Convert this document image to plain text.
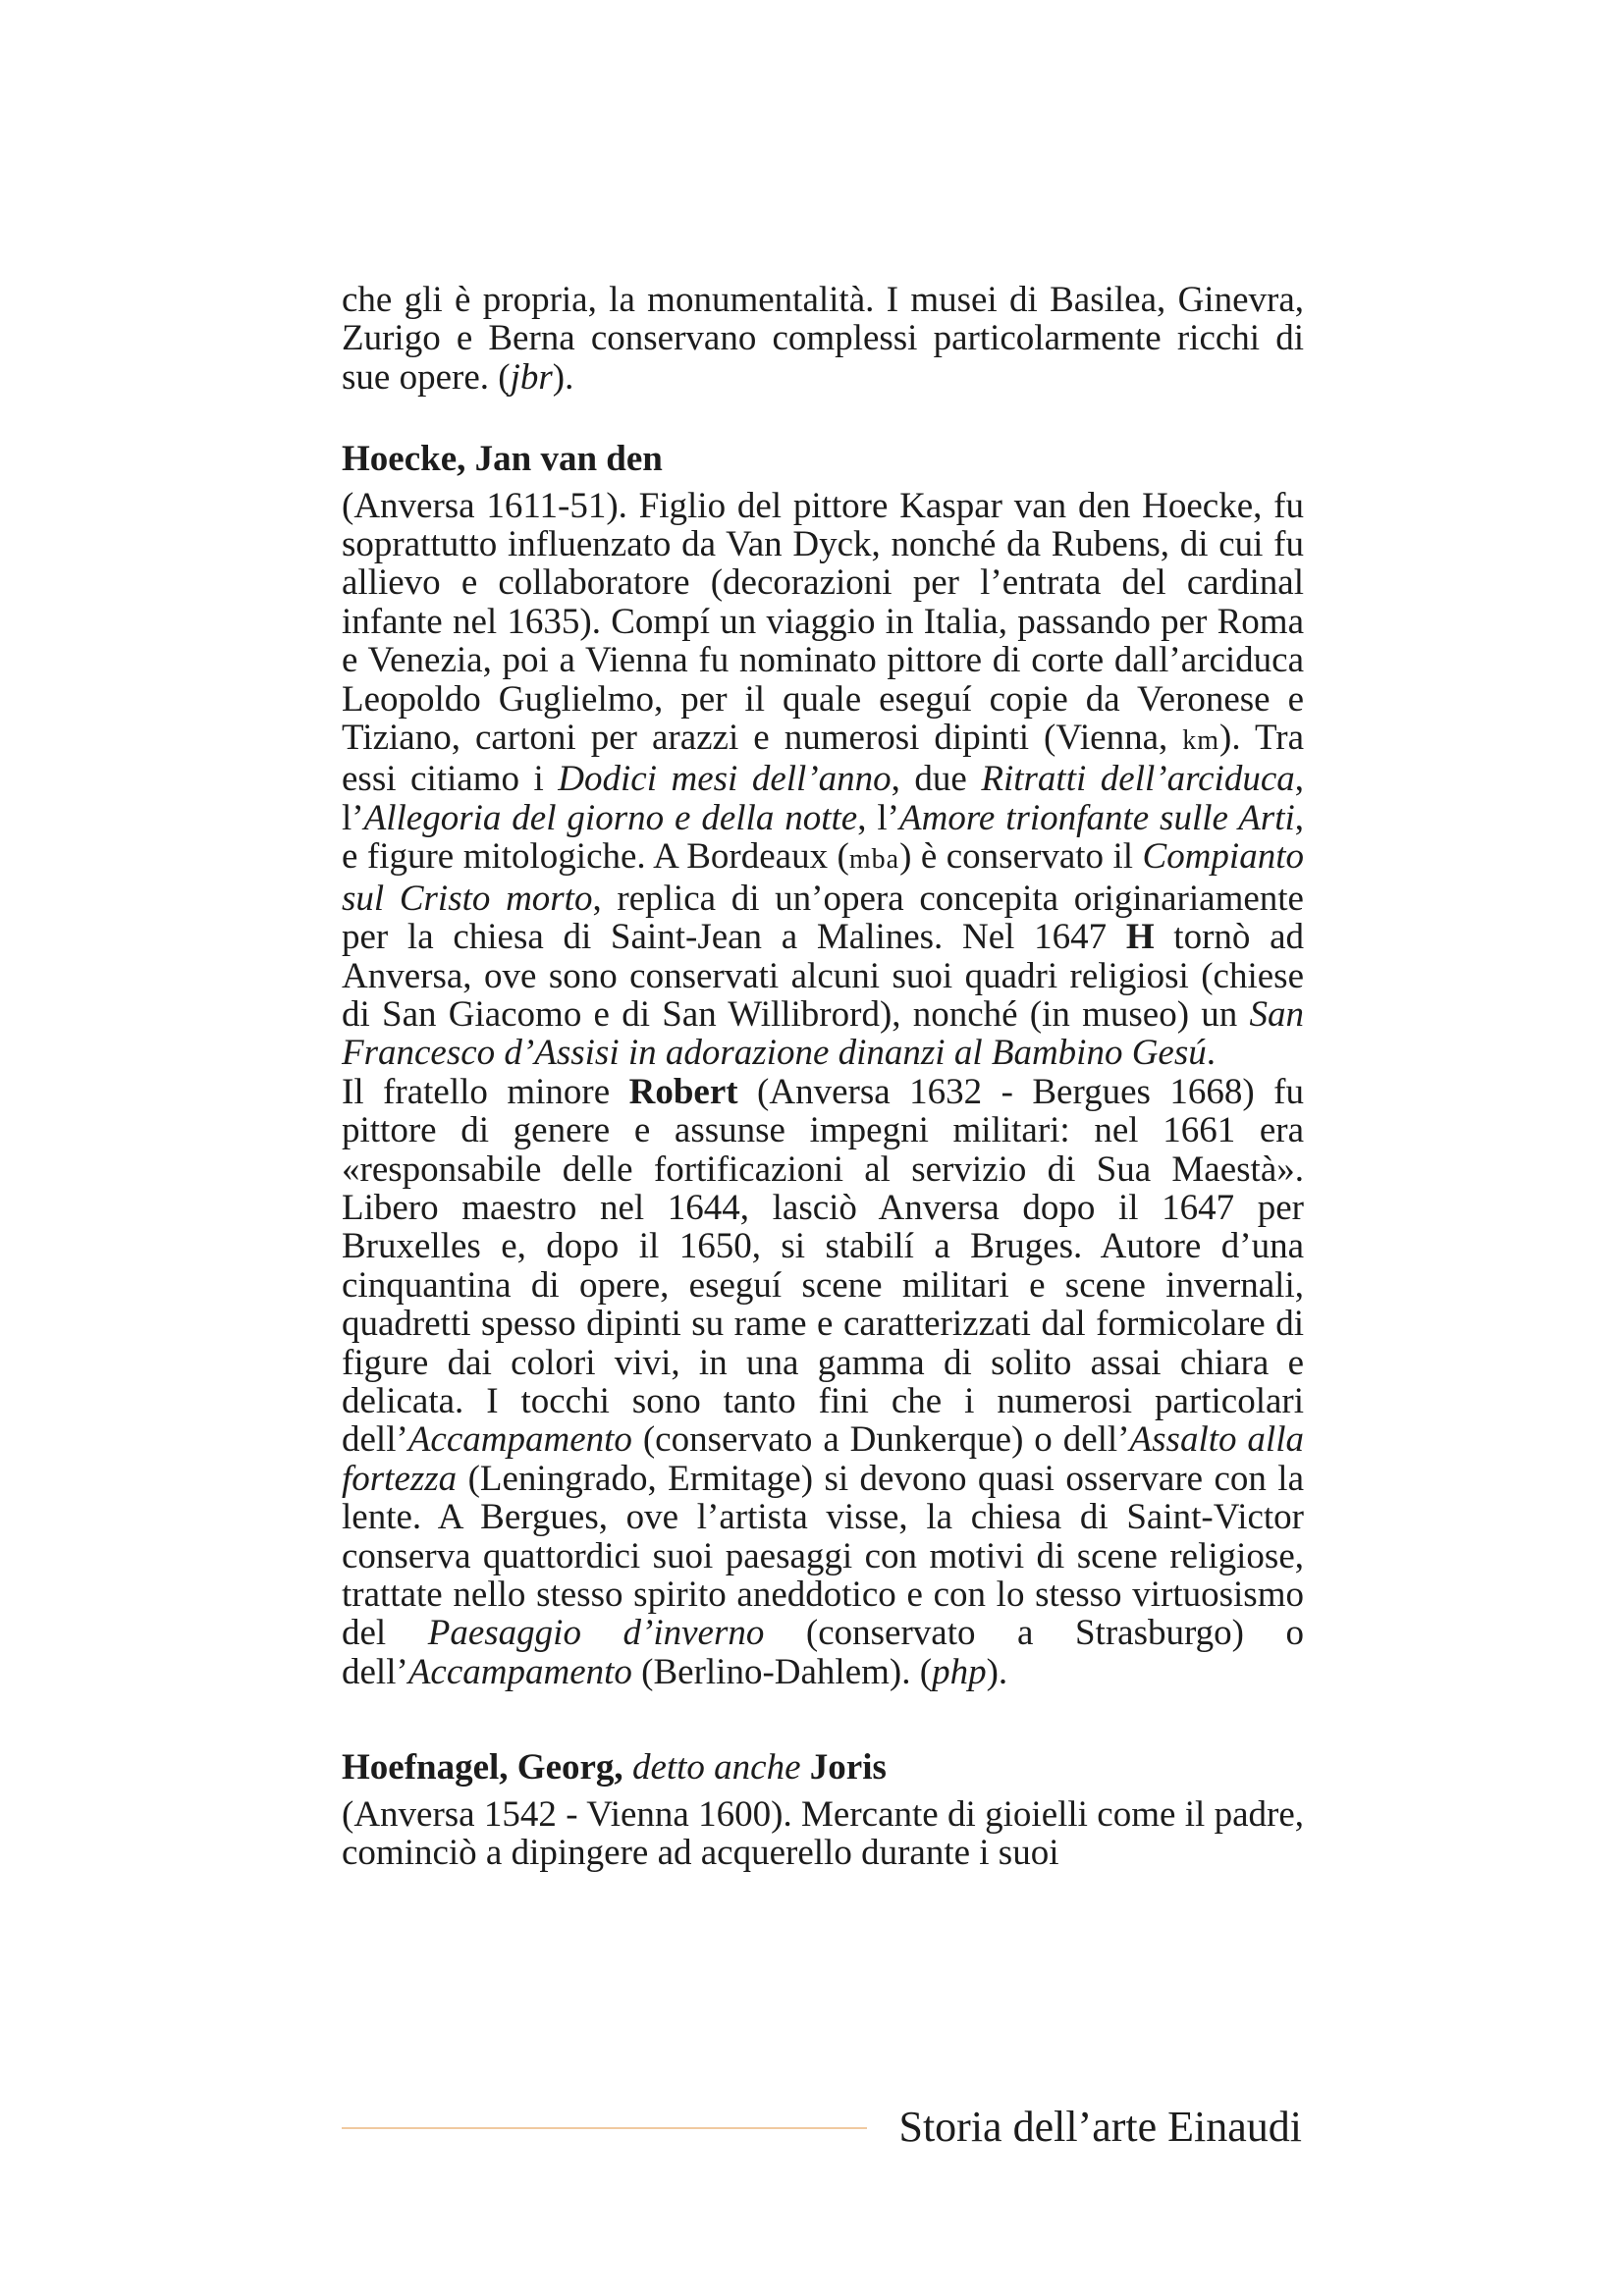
che gli è propria, la monumentalità. I musei di Basilea, Ginevra, Zurigo e Berna conservano complessi particolarmente ricchi di sue opere. (jbr).

Hoecke, Jan van den

(Anversa 1611-51). Figlio del pittore Kaspar van den Hoecke, fu soprattutto influenzato da Van Dyck, nonché da Rubens, di cui fu allievo e collaboratore (decorazioni per l’entrata del cardinal infante nel 1635). Compí un viaggio in Italia, passando per Roma e Venezia, poi a Vienna fu nominato pittore di corte dall’arciduca Leopoldo Guglielmo, per il quale eseguí copie da Veronese e Tiziano, cartoni per arazzi e numerosi dipinti (Vienna, km). Tra essi citiamo i Dodici mesi dell’anno, due Ritratti dell’arciduca, l’Allegoria del giorno e della notte, l’Amore trionfante sulle Arti, e figure mitologiche. A Bordeaux (mba) è conservato il Compianto sul Cristo morto, replica di un’opera concepita originariamente per la chiesa di Saint-Jean a Malines. Nel 1647 H tornò ad Anversa, ove sono conservati alcuni suoi quadri religiosi (chiese di San Giacomo e di San Willibrord), nonché (in museo) un San Francesco d’Assisi in adorazione dinanzi al Bambino Gesú.

Il fratello minore Robert (Anversa 1632 - Bergues 1668) fu pittore di genere e assunse impegni militari: nel 1661 era «responsabile delle fortificazioni al servizio di Sua Maestà». Libero maestro nel 1644, lasciò Anversa dopo il 1647 per Bruxelles e, dopo il 1650, si stabilí a Bruges. Autore d’una cinquantina di opere, eseguí scene militari e scene invernali, quadretti spesso dipinti su rame e caratterizzati dal formicolare di figure dai colori vivi, in una gamma di solito assai chiara e delicata. I tocchi sono tanto fini che i numerosi particolari dell’Accampamento (conservato a Dunkerque) o dell’Assalto alla fortezza (Leningrado, Ermitage) si devono quasi osservare con la lente. A Bergues, ove l’artista visse, la chiesa di Saint-Victor conserva quattordici suoi paesaggi con motivi di scene religiose, trattate nello stesso spirito aneddotico e con lo stesso virtuosismo del Paesaggio d’inverno (conservato a Strasburgo) o dell’Accampamento (Berlino-Dahlem). (php).

Hoefnagel, Georg, detto anche Joris

(Anversa 1542 - Vienna 1600). Mercante di gioielli come il padre, cominciò a dipingere ad acquerello durante i suoi

Storia dell’arte Einaudi
